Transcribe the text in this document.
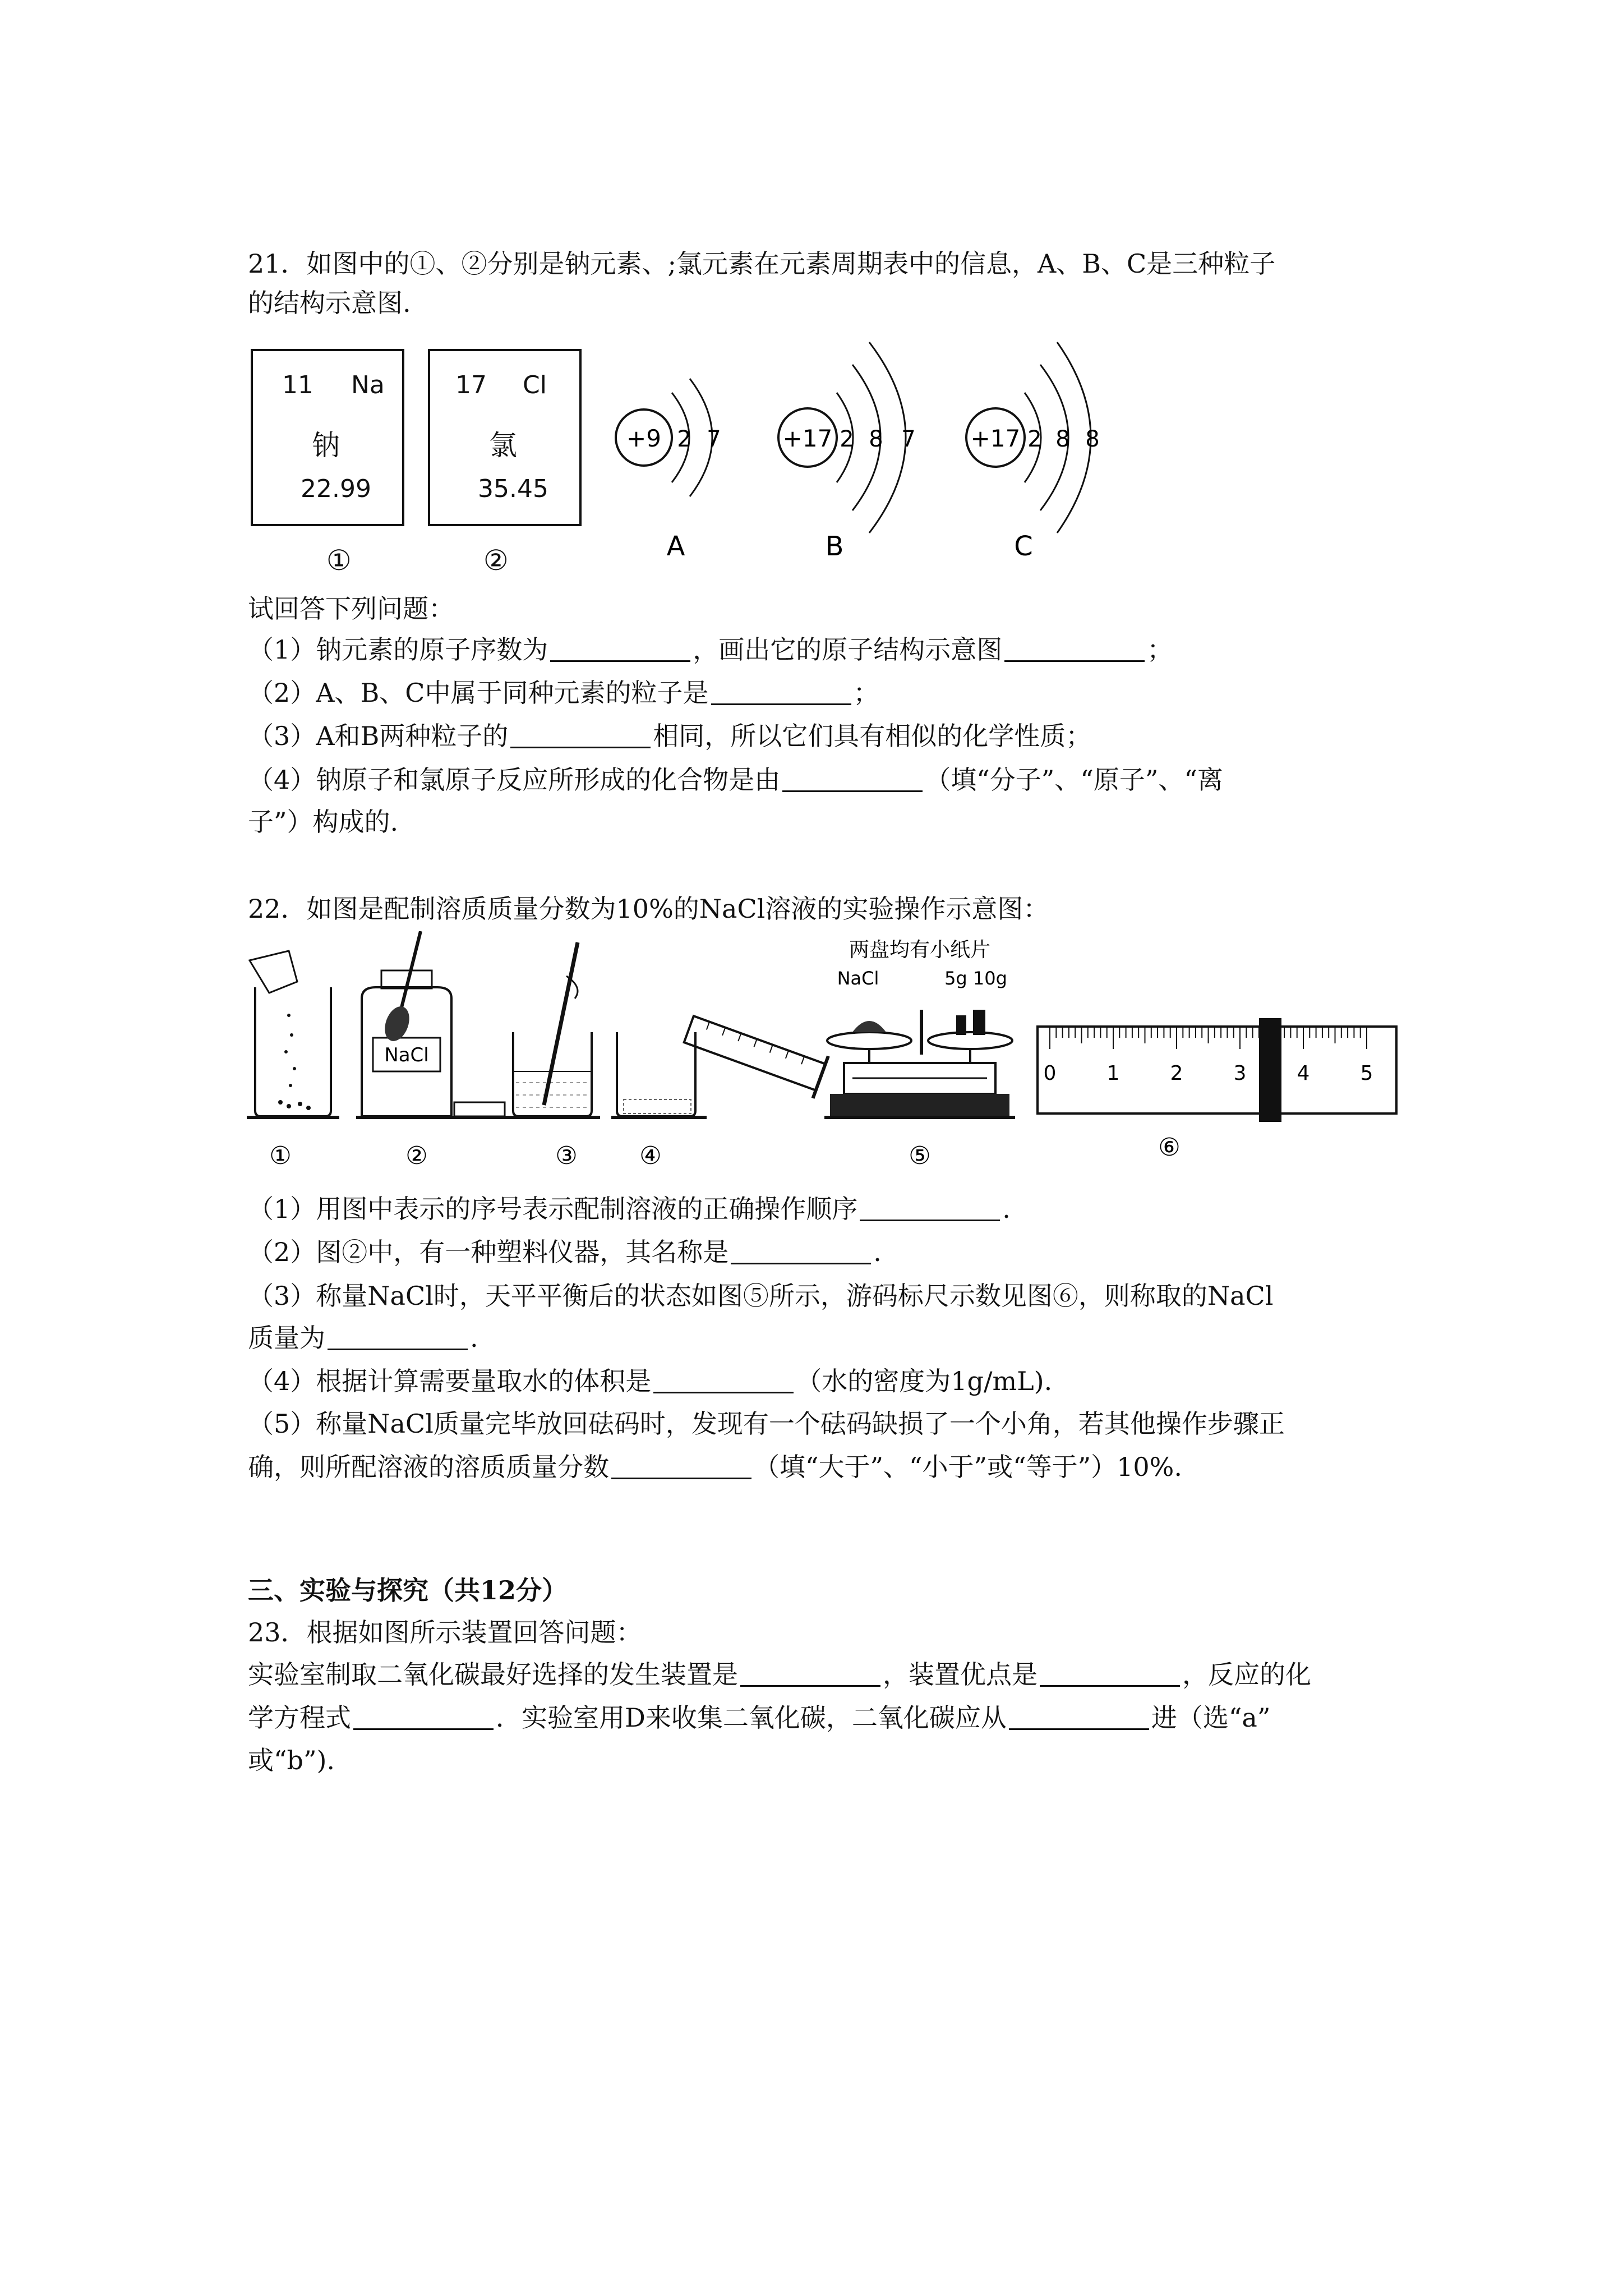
21．如图中的①、②分别是钠元素、;氯元素在元素周期表中的信息，A、B、C是三种粒子
的结构示意图.
11 Na
钠
22.99
①
17 Cl
氯
35.45
②
+9 2 7
A
+17 2 8 7
B
+17 2 8 8
C
试回答下列问题：
（1）钠元素的原子序数为	，画出它的原子结构示意图	；
（2）A、B、C中属于同种元素的粒子是	；
（3）A和B两种粒子的	相同，所以它们具有相似的化学性质；
（4）钠原子和氯原子反应所形成的化合物是由	（填“分子”、“原子”、“离
子”）构成的.
22．如图是配制溶质质量分数为10%的NaCl溶液的实验操作示意图：
NaCl
两盘均有小纸片
NaCl	5g 10g
0	1	2	3	4	5
①	②	③	④	⑤	⑥
（1）用图中表示的序号表示配制溶液的正确操作顺序	.
（2）图②中，有一种塑料仪器，其名称是	.
（3）称量NaCl时，天平平衡后的状态如图⑤所示，游码标尺示数见图⑥，则称取的NaCl
质量为	.
（4）根据计算需要量取水的体积是	（水的密度为1g/mL).
（5）称量NaCl质量完毕放回砝码时，发现有一个砝码缺损了一个小角，若其他操作步骤正
确，则所配溶液的溶质质量分数	（填“大于”、“小于”或“等于”）10%.
三、实验与探究（共12分）
23．根据如图所示装置回答问题：
实验室制取二氧化碳最好选择的发生装置是	，装置优点是	，反应的化
学方程式	．实验室用D来收集二氧化碳，二氧化碳应从	进（选“a”
或“b”).
